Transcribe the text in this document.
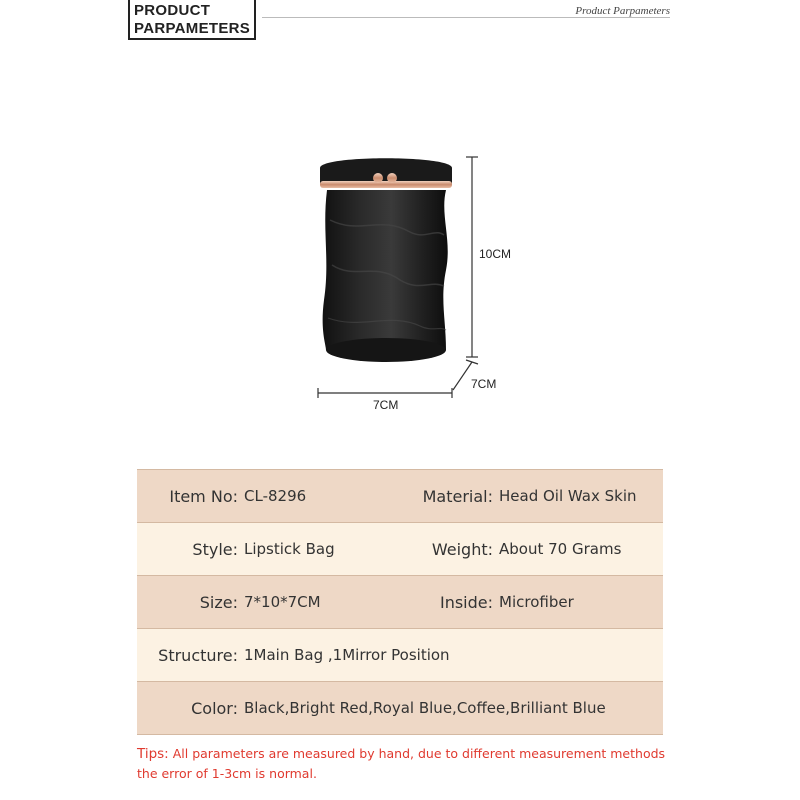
PRODUCT
PARPAMETERS
Product Parpameters
10CM
7CM
7CM
Item No:	CL-8296	Material:	Head Oil Wax Skin
Style:	Lipstick Bag	Weight:	About 70 Grams
Size:	7*10*7CM	Inside:	Microfiber
Structure:	1Main Bag ,1Mirror Position		
Color:	Black,Bright Red,Royal Blue,Coffee,Brilliant Blue		
Tips: All parameters are measured by hand, due to different measurement methods
the error of 1-3cm is normal.
